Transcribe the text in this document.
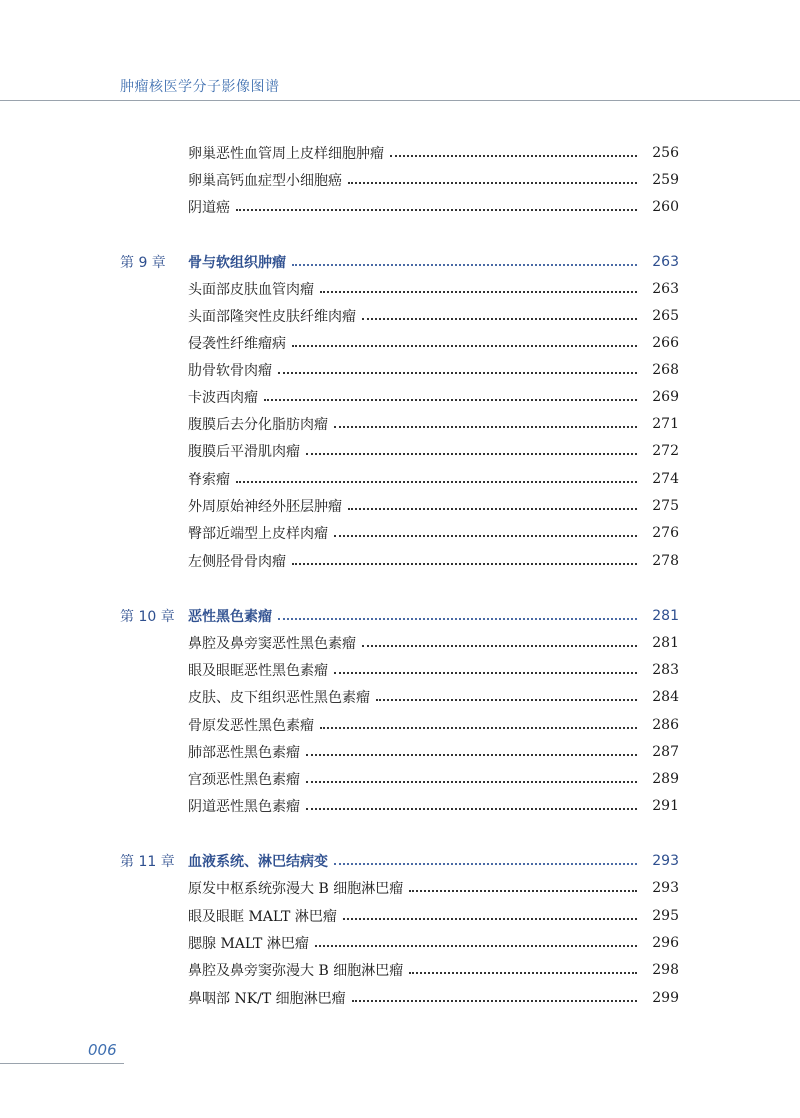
肿瘤核医学分子影像图谱
卵巢恶性血管周上皮样细胞肿瘤	256
卵巢高钙血症型小细胞癌	259
阴道癌	260
第 9 章	骨与软组织肿瘤	263
头面部皮肤血管肉瘤	263
头面部隆突性皮肤纤维肉瘤	265
侵袭性纤维瘤病	266
肋骨软骨肉瘤	268
卡波西肉瘤	269
腹膜后去分化脂肪肉瘤	271
腹膜后平滑肌肉瘤	272
脊索瘤	274
外周原始神经外胚层肿瘤	275
臀部近端型上皮样肉瘤	276
左侧胫骨骨肉瘤	278
第 10 章 恶性黑色素瘤	281
鼻腔及鼻旁窦恶性黑色素瘤	281
眼及眼眶恶性黑色素瘤	283
皮肤、皮下组织恶性黑色素瘤	284
骨原发恶性黑色素瘤	286
肺部恶性黑色素瘤	287
宫颈恶性黑色素瘤	289
阴道恶性黑色素瘤	291
第 11 章 血液系统、淋巴结病变	293
原发中枢系统弥漫大 B 细胞淋巴瘤	293
眼及眼眶 MALT 淋巴瘤	295
腮腺 MALT 淋巴瘤	296
鼻腔及鼻旁窦弥漫大 B 细胞淋巴瘤	298
鼻咽部 NK/T 细胞淋巴瘤	299
006
